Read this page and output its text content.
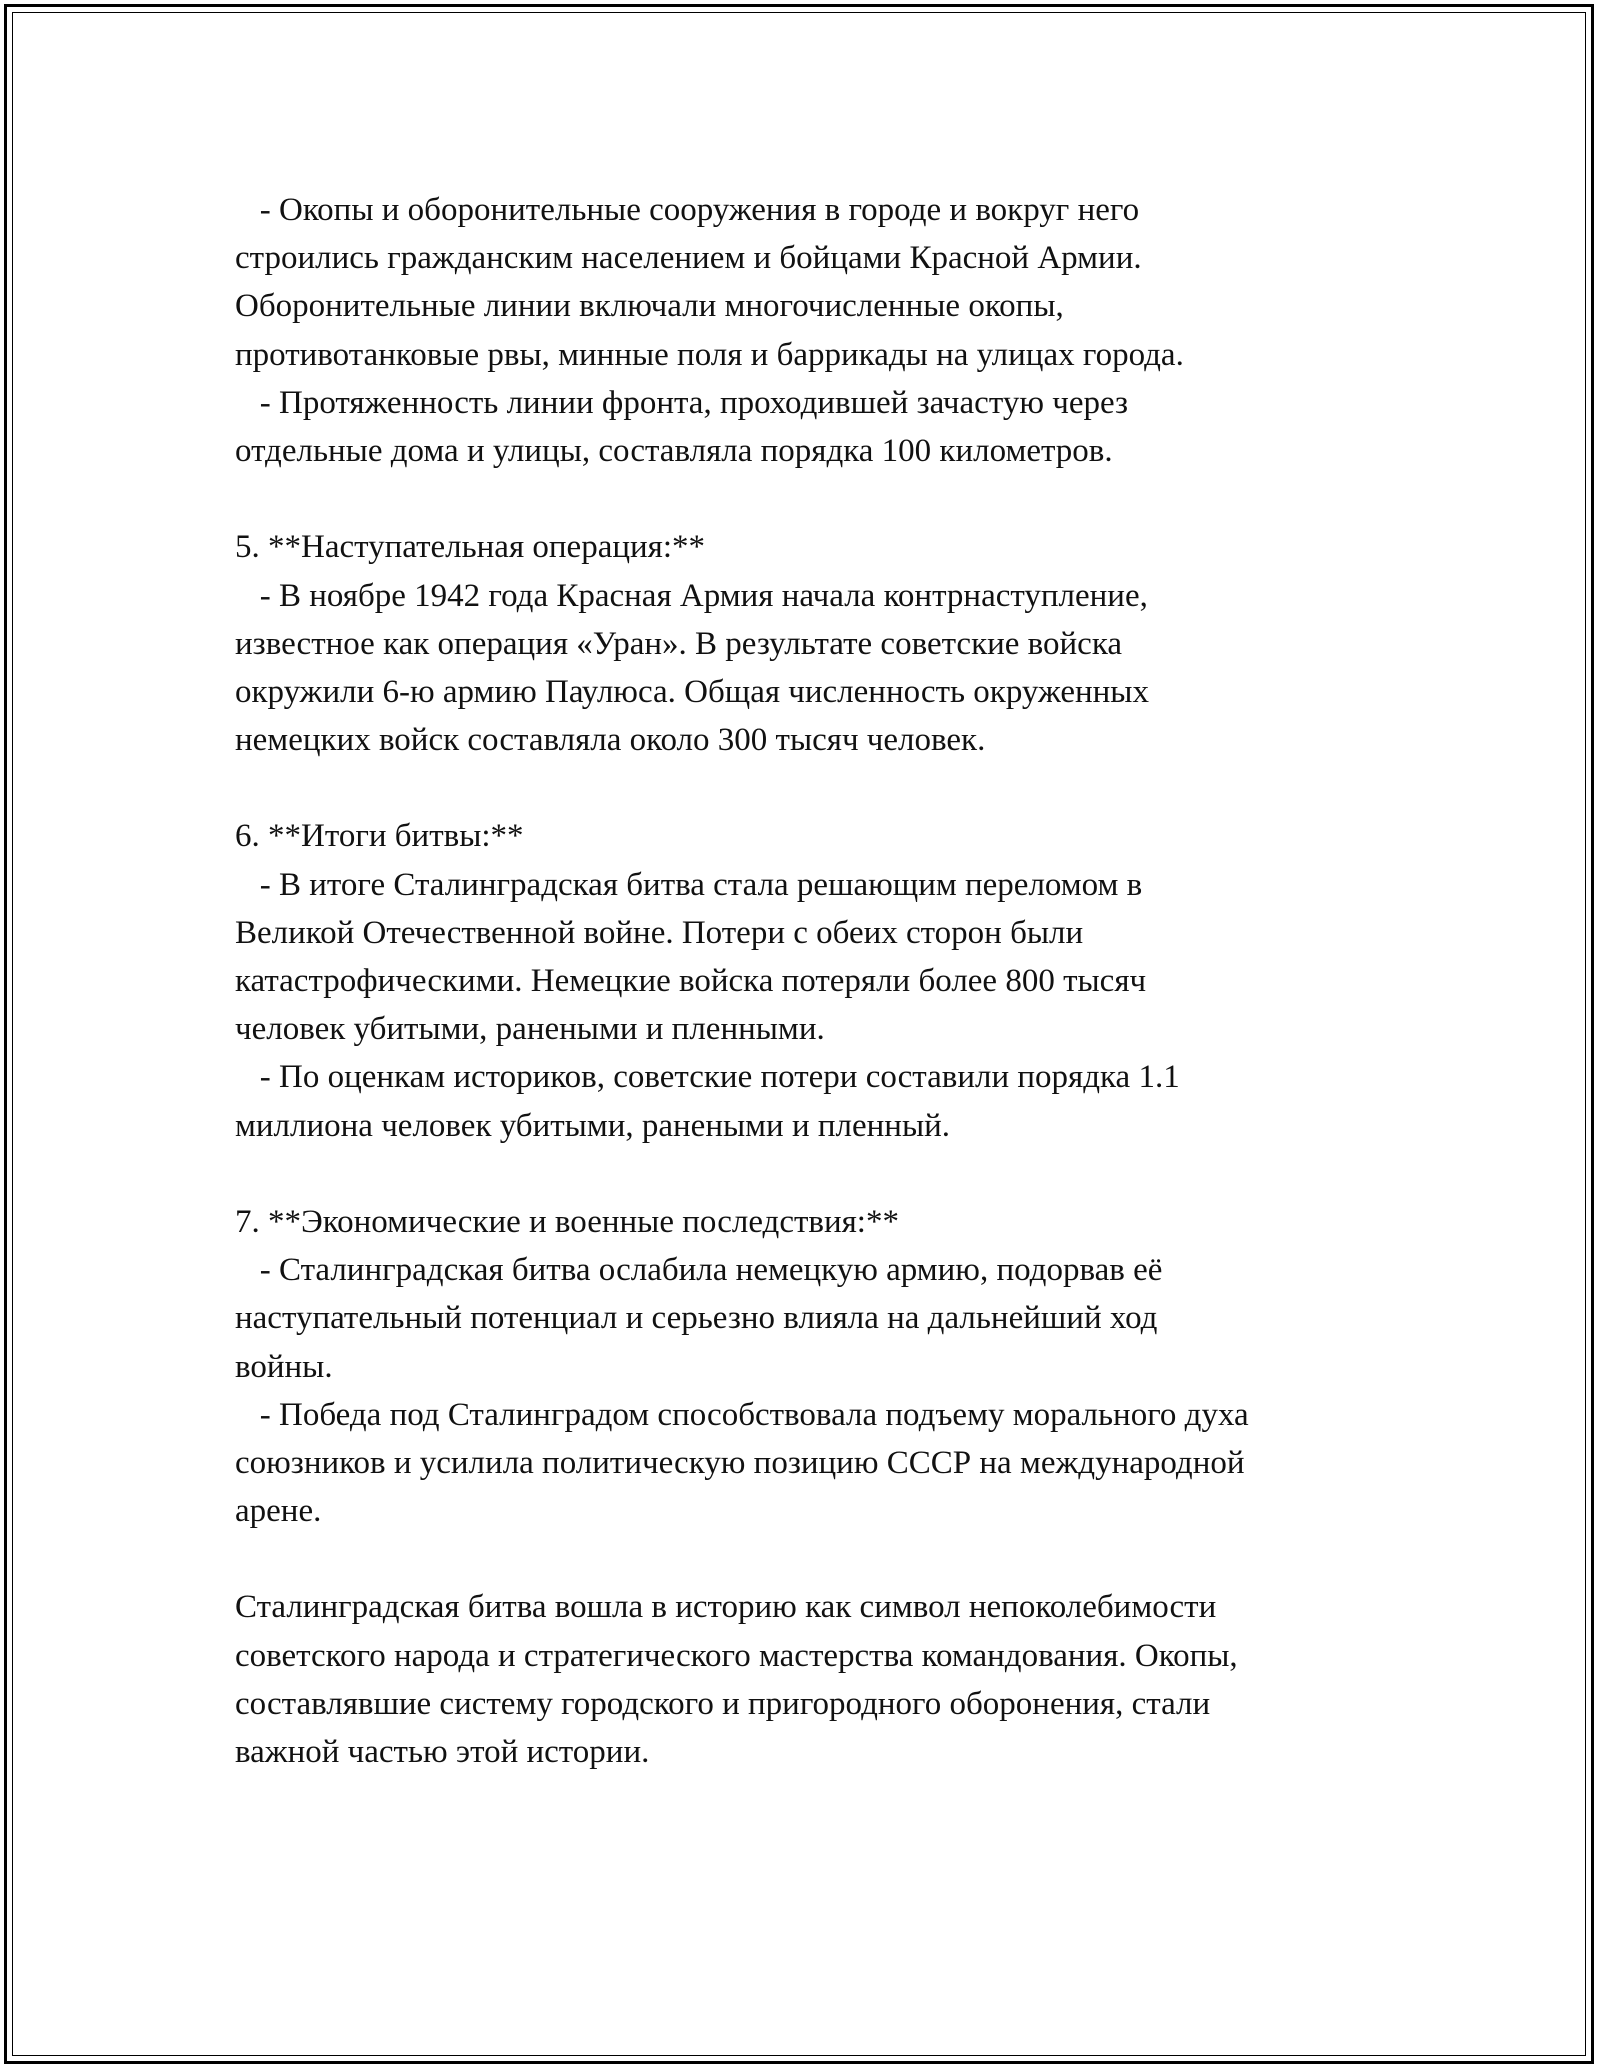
- Окопы и оборонительные сооружения в городе и вокруг него
строились гражданским населением и бойцами Красной Армии.
Оборонительные линии включали многочисленные окопы,
противотанковые рвы, минные поля и баррикады на улицах города.
- Протяженность линии фронта, проходившей зачастую через
отдельные дома и улицы, составляла порядка 100 километров.
5. **Наступательная операция:**
- В ноябре 1942 года Красная Армия начала контрнаступление,
известное как операция «Уран». В результате советские войска
окружили 6-ю армию Паулюса. Общая численность окруженных
немецких войск составляла около 300 тысяч человек.
6. **Итоги битвы:**
- В итоге Сталинградская битва стала решающим переломом в
Великой Отечественной войне. Потери с обеих сторон были
катастрофическими. Немецкие войска потеряли более 800 тысяч
человек убитыми, ранеными и пленными.
- По оценкам историков, советские потери составили порядка 1.1
миллиона человек убитыми, ранеными и пленный.
7. **Экономические и военные последствия:**
- Сталинградская битва ослабила немецкую армию, подорвав её
наступательный потенциал и серьезно влияла на дальнейший ход
войны.
- Победа под Сталинградом способствовала подъему морального духа
союзников и усилила политическую позицию СССР на международной
арене.
Сталинградская битва вошла в историю как символ непоколебимости
советского народа и стратегического мастерства командования. Окопы,
составлявшие систему городского и пригородного оборонения, стали
важной частью этой истории.
